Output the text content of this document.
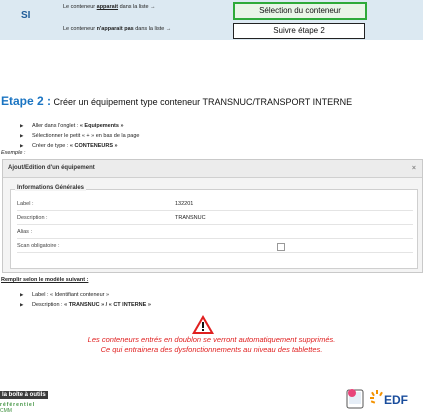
SI
Le conteneur apparait dans la liste →	Sélection du conteneur
Le conteneur n'apparait pas dans la liste →	Suivre étape 2
Etape 2 : Créer un équipement type conteneur TRANSNUC/TRANSPORT INTERNE
▶ Aller dans l'onglet : « Equipements »
▶ Sélectionner le petit « + » en bas de la page
▶ Créer de type : « CONTENEURS »
Exemple :
Ajout/Edition d'un équipement	×
Informations Générales
Label :	132201
Description :	TRANSNUC
Alias :
Scan obligatoire :
Remplir selon le modèle suivant :
▶ Label : « Identifiant conteneur »
▶ Description : « TRANSNUC » / « CT INTERNE »
Les conteneurs entrés en doublon se verront automatiquement supprimés.
Ce qui entrainera des dysfonctionnements au niveau des tablettes.
la boîte à outils
référentiel
CMM
EDF
